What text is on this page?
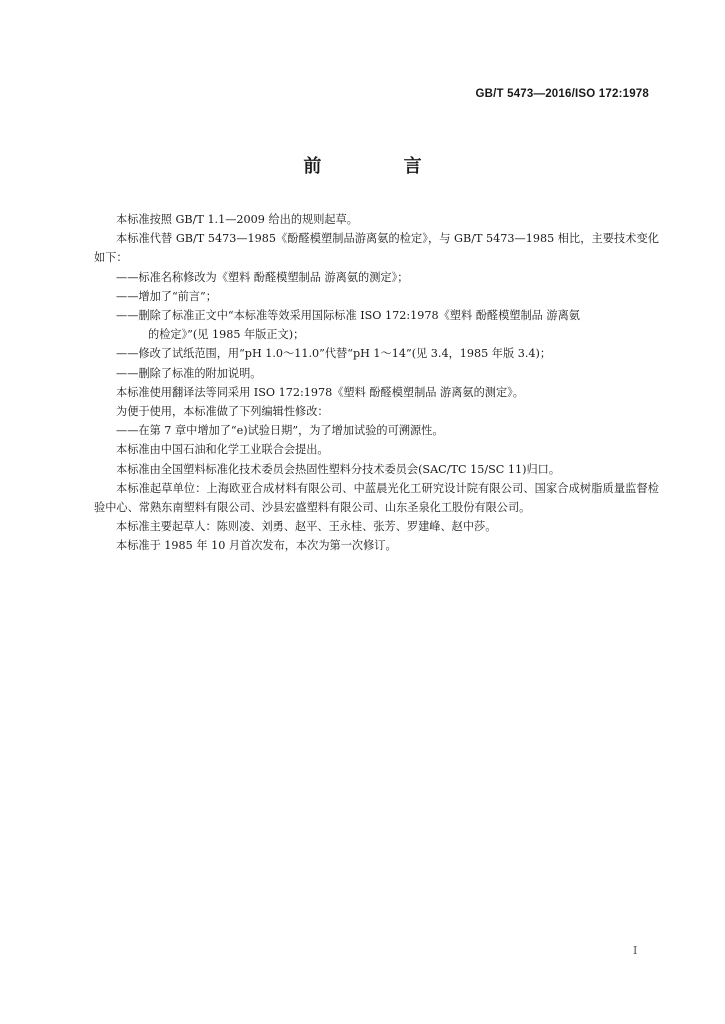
GB/T 5473—2016/ISO 172:1978
前 言

本标准按照 GB/T 1.1—2009 给出的规则起草。

本标准代替 GB/T 5473—1985《酚醛模塑制品游离氨的检定》，与 GB/T 5473—1985 相比，主要技术变化如下：

——标准名称修改为《塑料 酚醛模塑制品 游离氨的测定》；

——增加了“前言”；

——删除了标准正文中“本标准等效采用国际标准 ISO 172:1978《塑料 酚醛模塑制品 游离氨

的检定》”(见 1985 年版正文)；

——修改了试纸范围，用“pH 1.0～11.0”代替“pH 1～14”(见 3.4，1985 年版 3.4)；

——删除了标准的附加说明。

本标准使用翻译法等同采用 ISO 172:1978《塑料 酚醛模塑制品 游离氨的测定》。

为便于使用，本标准做了下列编辑性修改：

——在第 7 章中增加了“e)试验日期”，为了增加试验的可溯源性。

本标准由中国石油和化学工业联合会提出。

本标准由全国塑料标准化技术委员会热固性塑料分技术委员会(SAC/TC 15/SC 11)归口。

本标准起草单位：上海欧亚合成材料有限公司、中蓝晨光化工研究设计院有限公司、国家合成树脂质量监督检验中心、常熟东南塑料有限公司、沙县宏盛塑料有限公司、山东圣泉化工股份有限公司。

本标准主要起草人：陈则凌、刘勇、赵平、王永桂、张芳、罗建峰、赵中莎。

本标准于 1985 年 10 月首次发布，本次为第一次修订。

I
